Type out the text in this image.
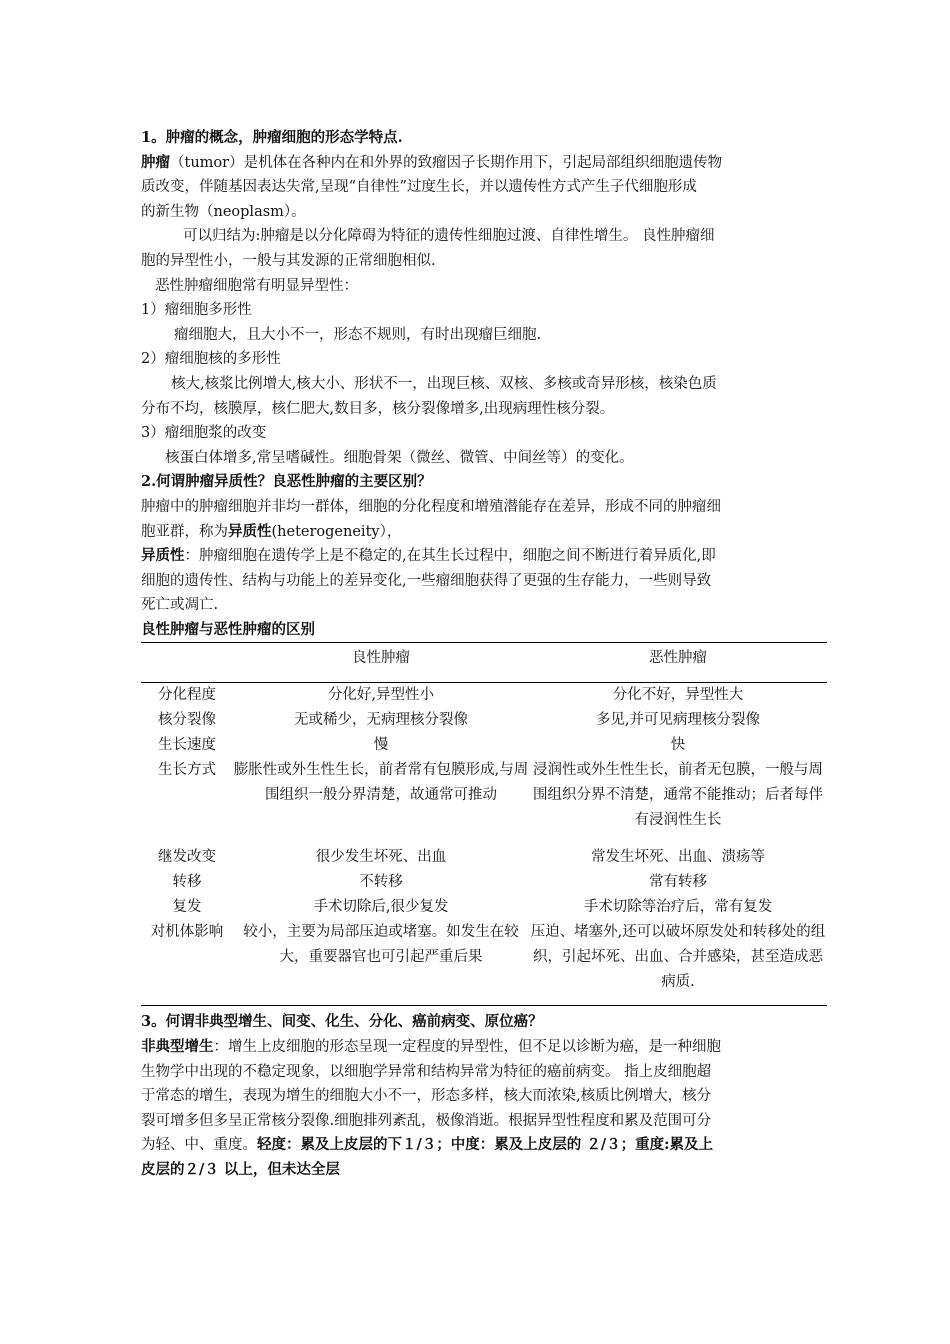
1。肿瘤的概念，肿瘤细胞的形态学特点.
肿瘤（tumor）是机体在各种内在和外界的致瘤因子长期作用下，引起局部组织细胞遗传物
质改变，伴随基因表达失常,呈现“自律性”过度生长，并以遗传性方式产生子代细胞形成
的新生物（neoplasm）。
可以归结为:肿瘤是以分化障碍为特征的遗传性细胞过渡、自律性增生。 良性肿瘤细
胞的异型性小，一般与其发源的正常细胞相似.
恶性肿瘤细胞常有明显异型性：
1）瘤细胞多形性
瘤细胞大，且大小不一，形态不规则，有时出现瘤巨细胞.
2）瘤细胞核的多形性
核大,核浆比例增大,核大小、形状不一，出现巨核、双核、多核或奇异形核，核染色质
分布不均，核膜厚，核仁肥大,数目多，核分裂像增多,出现病理性核分裂。
3）瘤细胞浆的改变
核蛋白体增多,常呈嗜碱性。细胞骨架（微丝、微管、中间丝等）的变化。
2.何谓肿瘤异质性？良恶性肿瘤的主要区别？
肿瘤中的肿瘤细胞并非均一群体，细胞的分化程度和增殖潜能存在差异，形成不同的肿瘤细
胞亚群，称为异质性(heterogeneity），
异质性：肿瘤细胞在遗传学上是不稳定的,在其生长过程中，细胞之间不断进行着异质化,即
细胞的遗传性、结构与功能上的差异变化,一些瘤细胞获得了更强的生存能力，一些则导致
死亡或凋亡.
良性肿瘤与恶性肿瘤的区别
	良性肿瘤	恶性肿瘤
分化程度	分化好,异型性小	分化不好，异型性大
核分裂像	无或稀少，无病理核分裂像	多见,并可见病理核分裂像
生长速度	慢	快
生长方式	膨胀性或外生性生长，前者常有包膜形成,与周围组织一般分界清楚，故通常可推动	浸润性或外生性生长，前者无包膜，一般与周围组织分界不清楚，通常不能推动；后者每伴有浸润性生长
继发改变	很少发生坏死、出血	常发生坏死、出血、溃疡等
转移	不转移	常有转移
复发	手术切除后,很少复发	手术切除等治疗后，常有复发
对机体影响	较小，主要为局部压迫或堵塞。如发生在较大，重要器官也可引起严重后果	压迫、堵塞外,还可以破坏原发处和转移处的组织，引起坏死、出血、合并感染，甚至造成恶病质.
3。何谓非典型增生、间变、化生、分化、癌前病变、原位癌？
非典型增生：增生上皮细胞的形态呈现一定程度的异型性，但不足以诊断为癌，是一种细胞
生物学中出现的不稳定现象，以细胞学异常和结构异常为特征的癌前病变。 指上皮细胞超
于常态的增生，表现为增生的细胞大小不一，形态多样，核大而浓染,核质比例增大，核分
裂可增多但多呈正常核分裂像.细胞排列紊乱，极像消逝。根据异型性程度和累及范围可分
为轻、中、重度。轻度：累及上皮层的下１/３；中度：累及上皮层的 ２/３；重度:累及上
皮层的２/３ 以上，但未达全层
